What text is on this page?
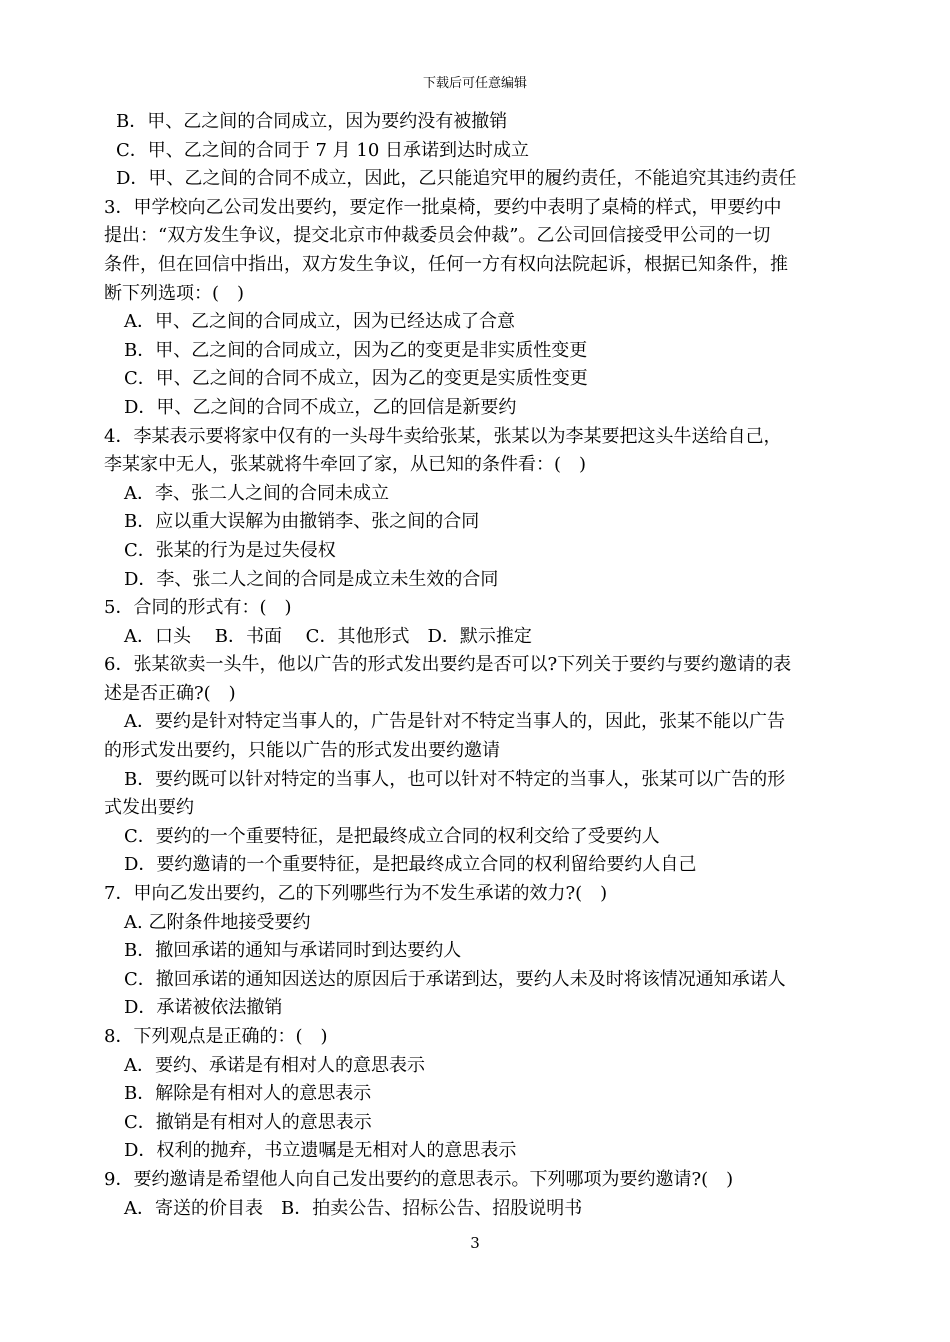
下载后可任意编辑
B．甲、乙之间的合同成立，因为要约没有被撤销
C．甲、乙之间的合同于 7 月 10 日承诺到达时成立
D．甲、乙之间的合同不成立，因此，乙只能追究甲的履约责任，不能追究其违约责任
3．甲学校向乙公司发出要约，要定作一批桌椅，要约中表明了桌椅的样式，甲要约中
提出：“双方发生争议，提交北京市仲裁委员会仲裁”。乙公司回信接受甲公司的一切
条件，但在回信中指出，双方发生争议，任何一方有权向法院起诉，根据已知条件，推
断下列选项：(　)
A．甲、乙之间的合同成立，因为已经达成了合意
B．甲、乙之间的合同成立，因为乙的变更是非实质性变更
C．甲、乙之间的合同不成立，因为乙的变更是实质性变更
D．甲、乙之间的合同不成立，乙的回信是新要约
4．李某表示要将家中仅有的一头母牛卖给张某，张某以为李某要把这头牛送给自己，
李某家中无人，张某就将牛牵回了家，从已知的条件看：(　)
A．李、张二人之间的合同未成立
B．应以重大误解为由撤销李、张之间的合同
C．张某的行为是过失侵权
D．李、张二人之间的合同是成立未生效的合同
5．合同的形式有：(　)
A．口头　 B．书面　 C．其他形式　D．默示推定
6．张某欲卖一头牛，他以广告的形式发出要约是否可以?下列关于要约与要约邀请的表
述是否正确?(　)
A．要约是针对特定当事人的，广告是针对不特定当事人的，因此，张某不能以广告
的形式发出要约，只能以广告的形式发出要约邀请
B．要约既可以针对特定的当事人，也可以针对不特定的当事人，张某可以广告的形
式发出要约
C．要约的一个重要特征，是把最终成立合同的权利交给了受要约人
D．要约邀请的一个重要特征，是把最终成立合同的权利留给要约人自己
7．甲向乙发出要约，乙的下列哪些行为不发生承诺的效力?(　)
A. 乙附条件地接受要约
B．撤回承诺的通知与承诺同时到达要约人
C．撤回承诺的通知因送达的原因后于承诺到达，要约人未及时将该情况通知承诺人
D．承诺被依法撤销
8．下列观点是正确的：(　)
A．要约、承诺是有相对人的意思表示
B．解除是有相对人的意思表示
C．撤销是有相对人的意思表示
D．权利的抛弃，书立遗嘱是无相对人的意思表示
9．要约邀请是希望他人向自己发出要约的意思表示。下列哪项为要约邀请?(　)
A．寄送的价目表　B．拍卖公告、招标公告、招股说明书
3
